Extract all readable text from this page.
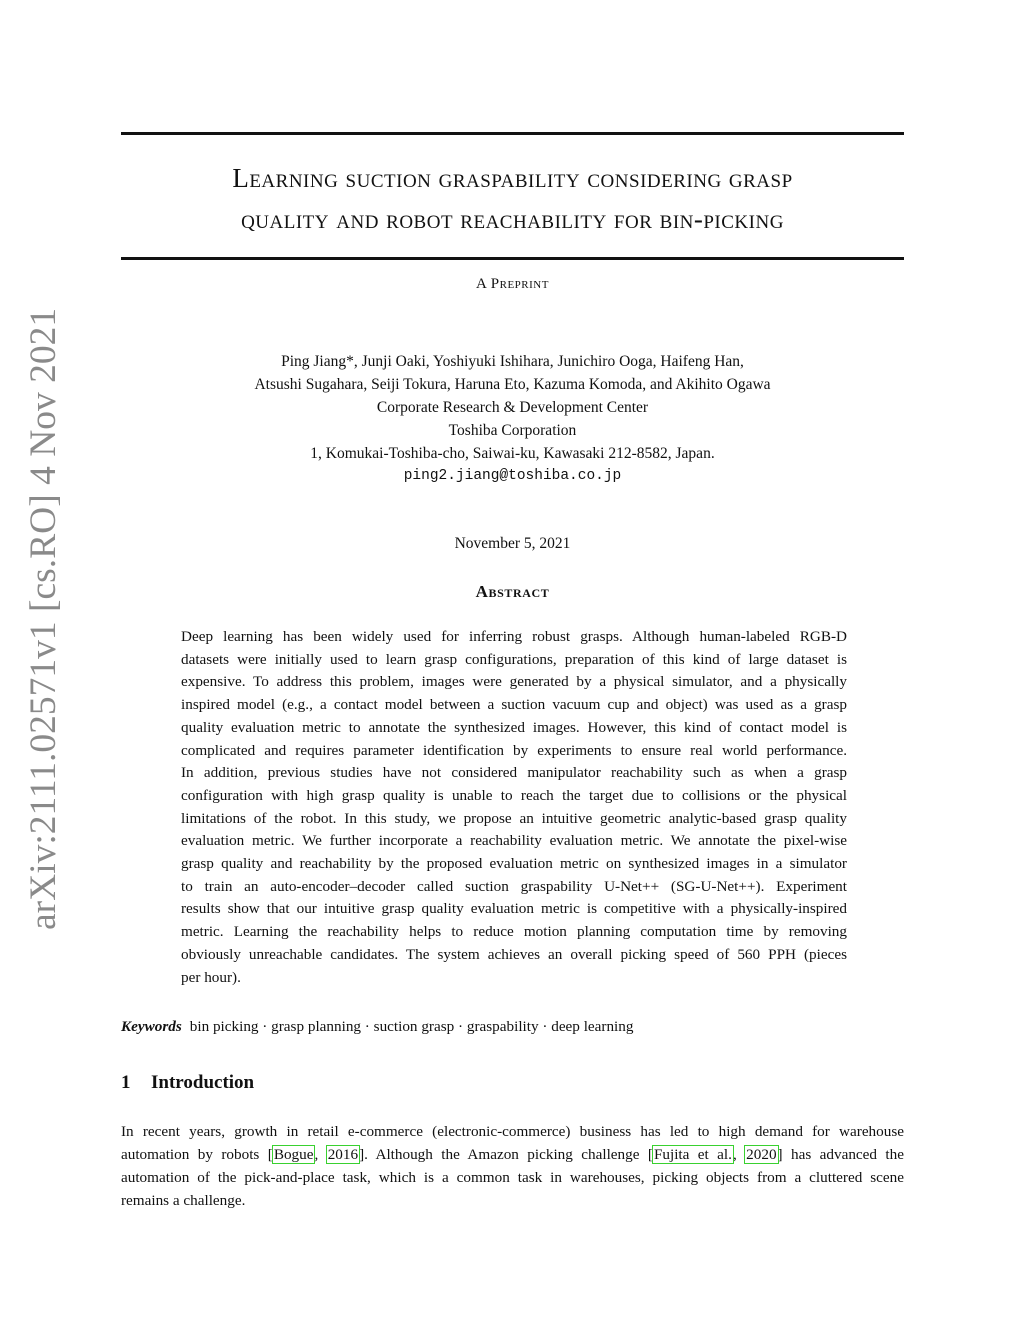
arXiv:2111.02571v1 [cs.RO] 4 Nov 2021
Learning suction graspability considering grasp
quality and robot reachability for bin-picking
A Preprint
Ping Jiang*, Junji Oaki, Yoshiyuki Ishihara, Junichiro Ooga, Haifeng Han,
Atsushi Sugahara, Seiji Tokura, Haruna Eto, Kazuma Komoda, and Akihito Ogawa
Corporate Research & Development Center
Toshiba Corporation
1, Komukai-Toshiba-cho, Saiwai-ku, Kawasaki 212-8582, Japan.
ping2.jiang@toshiba.co.jp
November 5, 2021
Abstract
Deep learning has been widely used for inferring robust grasps. Although human-labeled RGB-D
datasets were initially used to learn grasp configurations, preparation of this kind of large dataset is
expensive. To address this problem, images were generated by a physical simulator, and a physically
inspired model (e.g., a contact model between a suction vacuum cup and object) was used as a grasp
quality evaluation metric to annotate the synthesized images. However, this kind of contact model is
complicated and requires parameter identification by experiments to ensure real world performance.
In addition, previous studies have not considered manipulator reachability such as when a grasp
configuration with high grasp quality is unable to reach the target due to collisions or the physical
limitations of the robot. In this study, we propose an intuitive geometric analytic-based grasp quality
evaluation metric. We further incorporate a reachability evaluation metric. We annotate the pixel-wise
grasp quality and reachability by the proposed evaluation metric on synthesized images in a simulator
to train an auto-encoder–decoder called suction graspability U-Net++ (SG-U-Net++). Experiment
results show that our intuitive grasp quality evaluation metric is competitive with a physically-inspired
metric. Learning the reachability helps to reduce motion planning computation time by removing
obviously unreachable candidates. The system achieves an overall picking speed of 560 PPH (pieces
per hour).
Keywords bin picking · grasp planning · suction grasp · graspability · deep learning
1 Introduction
In recent years, growth in retail e-commerce (electronic-commerce) business has led to high demand for warehouse
automation by robots [Bogue, 2016]. Although the Amazon picking challenge [Fujita et al., 2020] has advanced the
automation of the pick-and-place task, which is a common task in warehouses, picking objects from a cluttered scene
remains a challenge.
